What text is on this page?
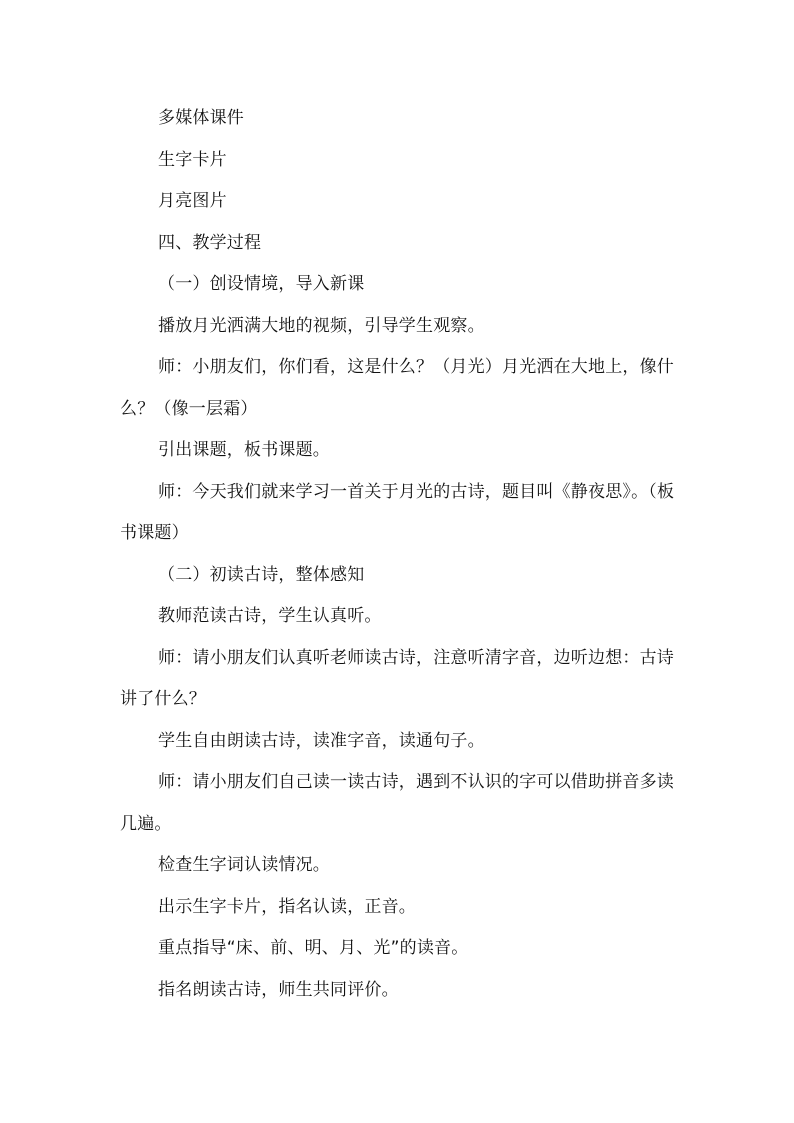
多媒体课件

生字卡片

月亮图片

四、教学过程

（一）创设情境，导入新课

播放月光洒满大地的视频，引导学生观察。

师：小朋友们，你们看，这是什么？（月光）月光洒在大地上，像什么？（像一层霜）

引出课题，板书课题。

师：今天我们就来学习一首关于月光的古诗，题目叫《静夜思》。（板书课题）

（二）初读古诗，整体感知

教师范读古诗，学生认真听。

师：请小朋友们认真听老师读古诗，注意听清字音，边听边想：古诗讲了什么？

学生自由朗读古诗，读准字音，读通句子。

师：请小朋友们自己读一读古诗，遇到不认识的字可以借助拼音多读几遍。

检查生字词认读情况。

出示生字卡片，指名认读，正音。

重点指导“床、前、明、月、光”的读音。

指名朗读古诗，师生共同评价。
